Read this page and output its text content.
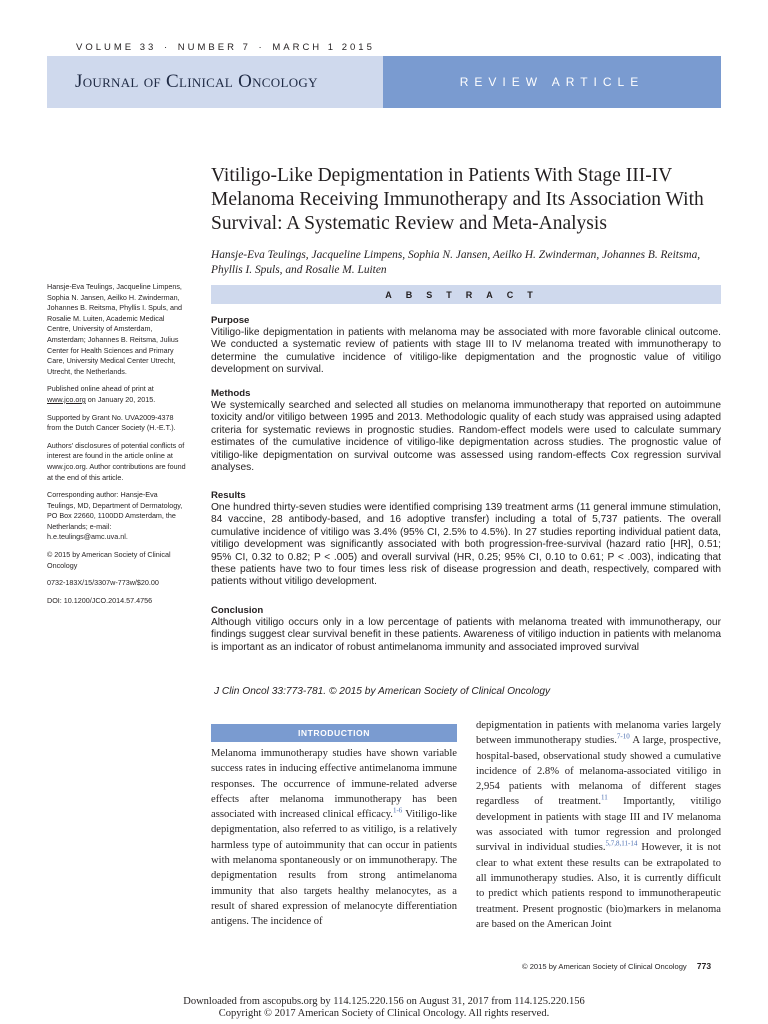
VOLUME 33 · NUMBER 7 · MARCH 1 2015
Journal of Clinical Oncology	REVIEW ARTICLE
Vitiligo-Like Depigmentation in Patients With Stage III-IV Melanoma Receiving Immunotherapy and Its Association With Survival: A Systematic Review and Meta-Analysis
Hansje-Eva Teulings, Jacqueline Limpens, Sophia N. Jansen, Aeilko H. Zwinderman, Johannes B. Reitsma, Phyllis I. Spuls, and Rosalie M. Luiten

Hansje-Eva Teulings, Jacqueline Limpens, Sophia N. Jansen, Aeilko H. Zwinderman, Johannes B. Reitsma, Phyllis I. Spuls, and Rosalie M. Luiten, Academic Medical Centre, University of Amsterdam, Amsterdam; Johannes B. Reitsma, Julius Center for Health Sciences and Primary Care, University Medical Center Utrecht, Utrecht, the Netherlands.

Published online ahead of print at www.jco.org on January 20, 2015.

Supported by Grant No. UVA2009-4378 from the Dutch Cancer Society (H.-E.T.).

Authors' disclosures of potential conflicts of interest are found in the article online at www.jco.org. Author contributions are found at the end of this article.

Corresponding author: Hansje-Eva Teulings, MD, Department of Dermatology, PO Box 22660, 1100DD Amsterdam, the Netherlands; e-mail: h.e.teulings@amc.uva.nl.

© 2015 by American Society of Clinical Oncology

0732-183X/15/3307w-773w/$20.00

DOI: 10.1200/JCO.2014.57.4756

ABSTRACT
Purpose

Vitiligo-like depigmentation in patients with melanoma may be associated with more favorable clinical outcome. We conducted a systematic review of patients with stage III to IV melanoma treated with immunotherapy to determine the cumulative incidence of vitiligo-like depigmentation and the prognostic value of vitiligo development on survival.

Methods

We systemically searched and selected all studies on melanoma immunotherapy that reported on autoimmune toxicity and/or vitiligo between 1995 and 2013. Methodologic quality of each study was appraised using adapted criteria for systematic reviews in prognostic studies. Random-effect models were used to calculate summary estimates of the cumulative incidence of vitiligo-like depigmentation across studies. The prognostic value of vitiligo-like depigmentation on survival outcome was assessed using random-effects Cox regression survival analyses.

Results

One hundred thirty-seven studies were identified comprising 139 treatment arms (11 general immune stimulation, 84 vaccine, 28 antibody-based, and 16 adoptive transfer) including a total of 5,737 patients. The overall cumulative incidence of vitiligo was 3.4% (95% CI, 2.5% to 4.5%). In 27 studies reporting individual patient data, vitiligo development was significantly associated with both progression-free-survival (hazard ratio [HR], 0.51; 95% CI, 0.32 to 0.82; P < .005) and overall survival (HR, 0.25; 95% CI, 0.10 to 0.61; P < .003), indicating that these patients have two to four times less risk of disease progression and death, respectively, compared with patients without vitiligo development.

Conclusion

Although vitiligo occurs only in a low percentage of patients with melanoma treated with immunotherapy, our findings suggest clear survival benefit in these patients. Awareness of vitiligo induction in patients with melanoma is important as an indicator of robust antimelanoma immunity and associated improved survival

J Clin Oncol 33:773-781. © 2015 by American Society of Clinical Oncology
INTRODUCTION
Melanoma immunotherapy studies have shown variable success rates in inducing effective antimelanoma immune responses. The occurrence of immune-related adverse effects after melanoma immunotherapy has been associated with increased clinical efficacy.$^{1-6}$ Vitiligo-like depigmentation, also referred to as vitiligo, is a relatively harmless type of autoimmunity that can occur in patients with melanoma spontaneously or on immunotherapy. The depigmentation results from strong antimelanoma immunity that also targets healthy melanocytes, as a result of shared expression of melanocyte differentiation antigens. The incidence of
depigmentation in patients with melanoma varies largely between immunotherapy studies.$^{7-10}$ A large, prospective, hospital-based, observational study showed a cumulative incidence of 2.8% of melanoma-associated vitiligo in 2,954 patients with melanoma of different stages regardless of treatment.$^{11}$ Importantly, vitiligo development in patients with stage III and IV melanoma was associated with tumor regression and prolonged survival in individual studies.$^{5,7,8,11-14}$ However, it is not clear to what extent these results can be extrapolated to all immunotherapy studies. Also, it is currently difficult to predict which patients respond to immunotherapeutic treatment. Present prognostic (bio)markers in melanoma are based on the American Joint
© 2015 by American Society of Clinical Oncology 773
Downloaded from ascopubs.org by 114.125.220.156 on August 31, 2017 from 114.125.220.156
Copyright © 2017 American Society of Clinical Oncology. All rights reserved.
